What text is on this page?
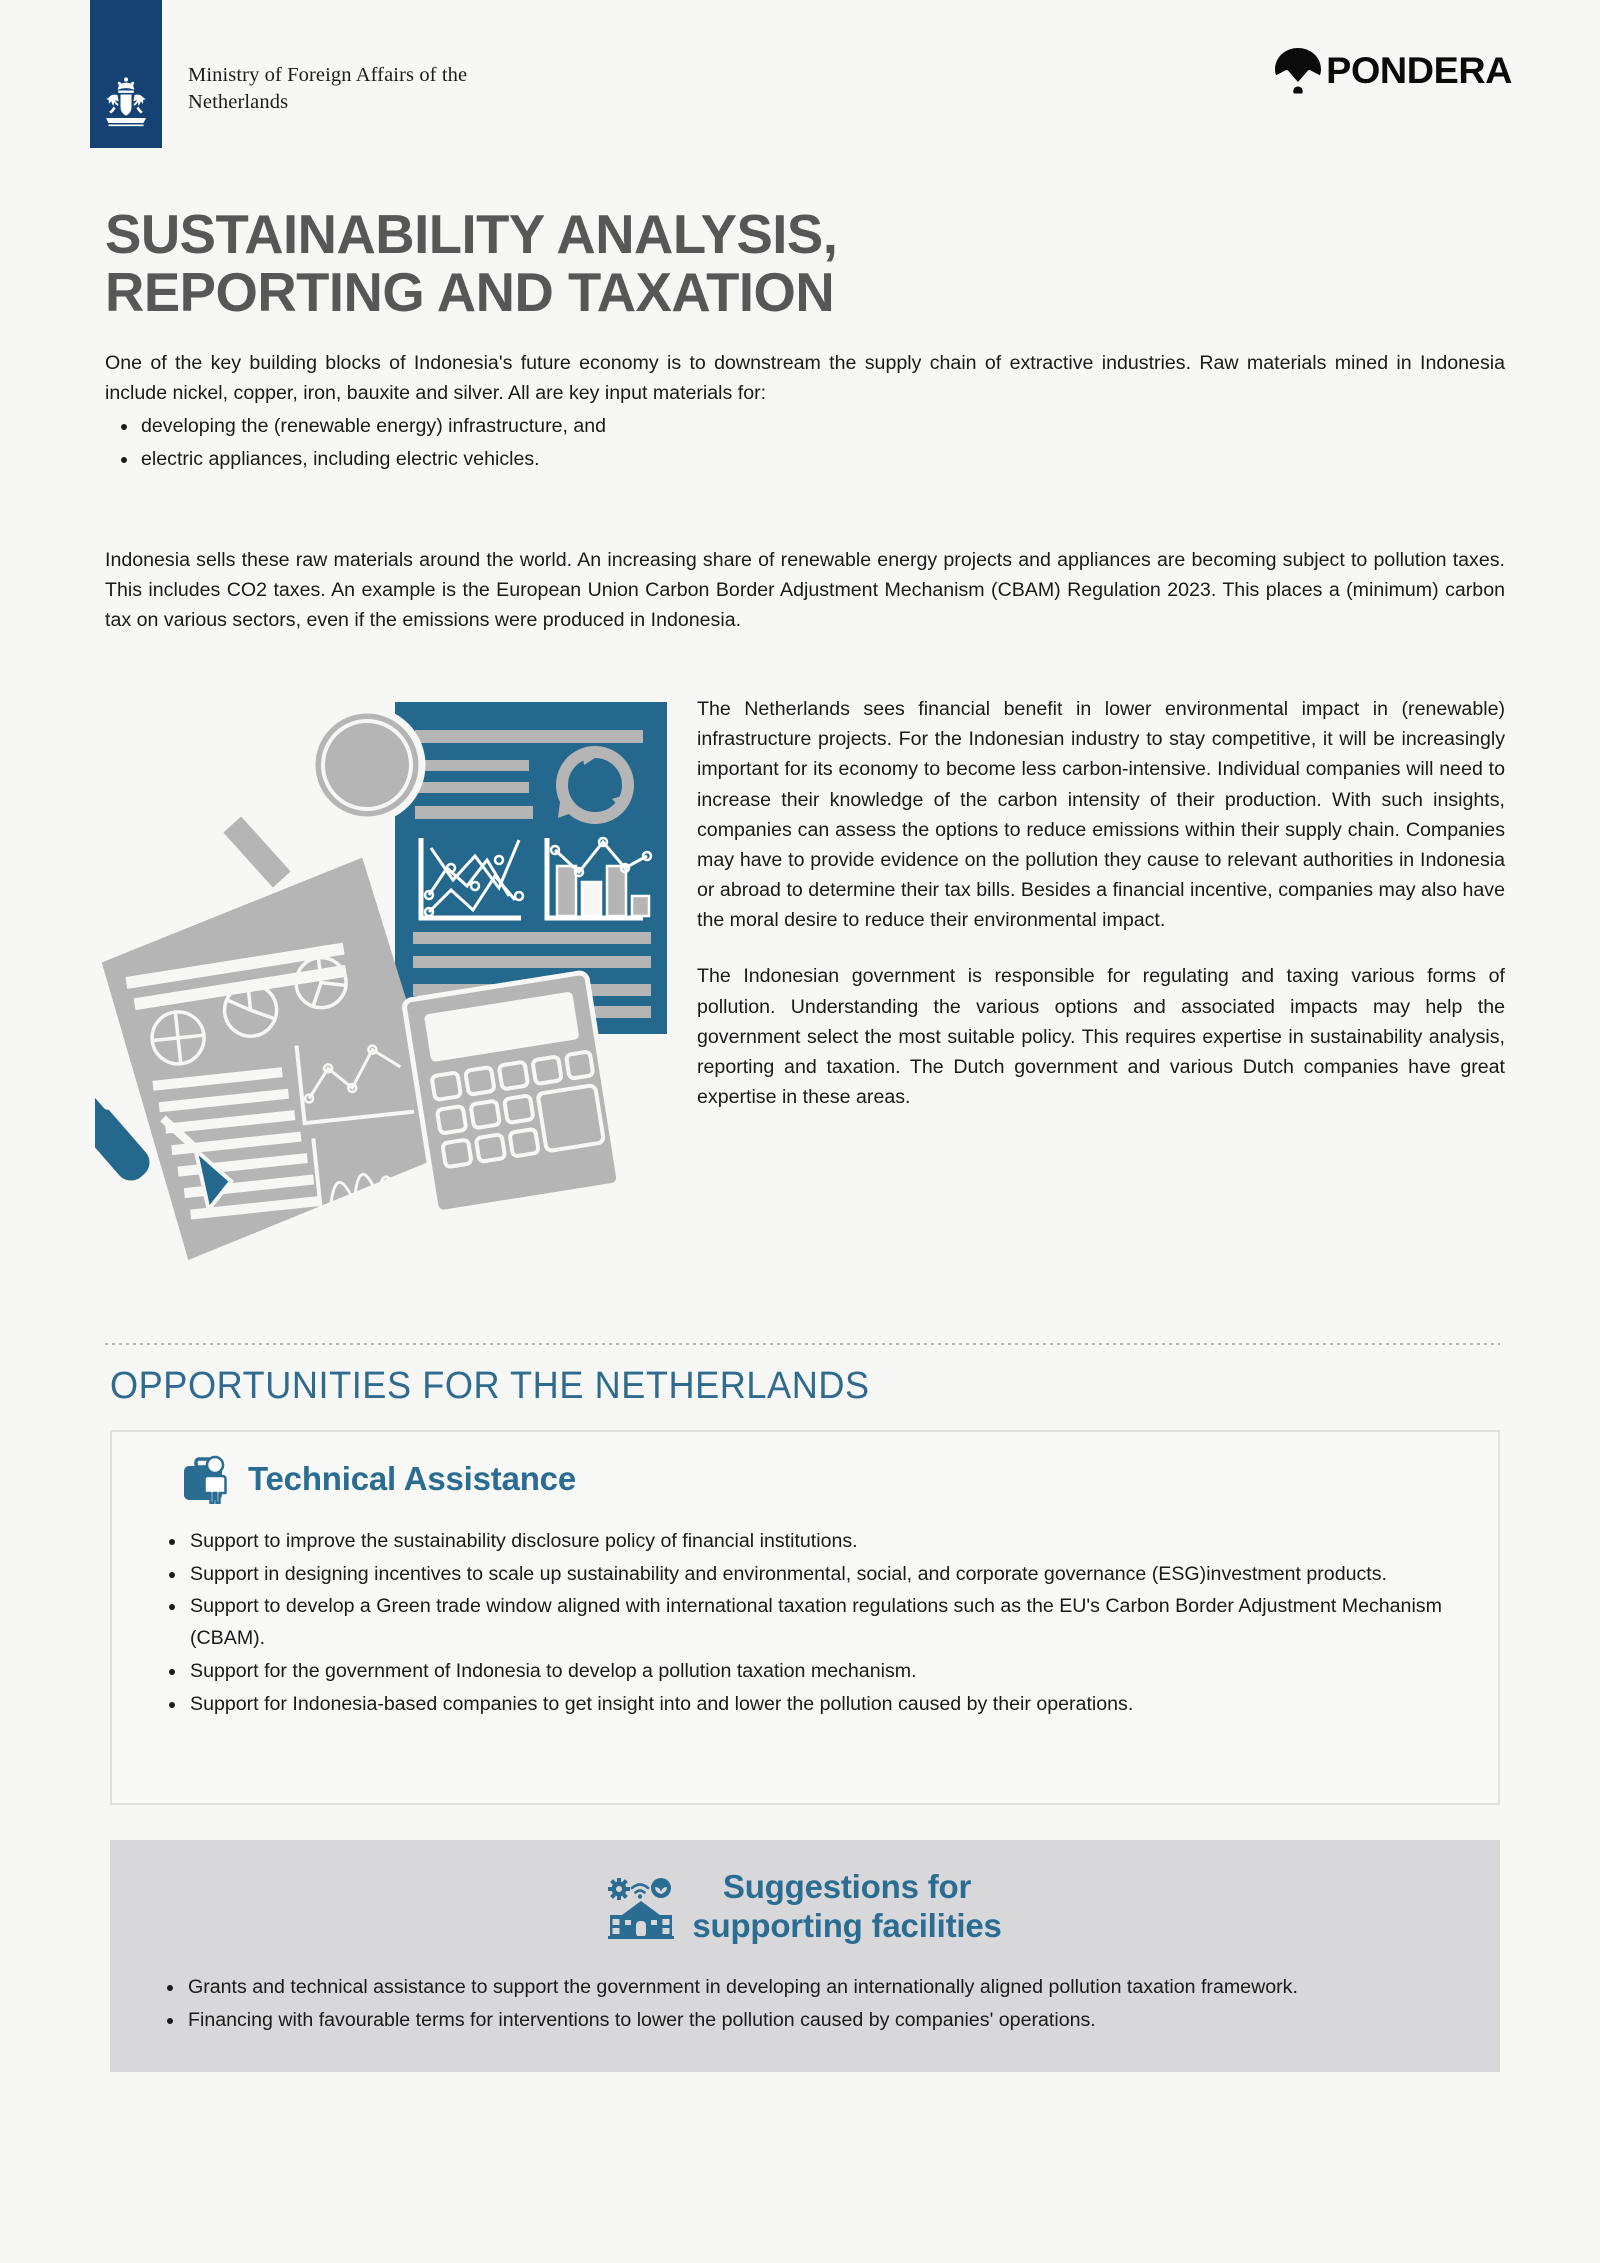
Ministry of Foreign Affairs of the
Netherlands
PONDERA
SUSTAINABILITY ANALYSIS,
REPORTING AND TAXATION

One of the key building blocks of Indonesia's future economy is to downstream the supply chain of extractive industries. Raw materials mined in Indonesia include nickel, copper, iron, bauxite and silver. All are key input materials for:

developing the (renewable energy) infrastructure, and
electric appliances, including electric vehicles.

Indonesia sells these raw materials around the world. An increasing share of renewable energy projects and appliances are becoming subject to pollution taxes. This includes CO2 taxes. An example is the European Union Carbon Border Adjustment Mechanism (CBAM) Regulation 2023. This places a (minimum) carbon tax on various sectors, even if the emissions were produced in Indonesia.

The Netherlands sees financial benefit in lower environmental impact in (renewable) infrastructure projects. For the Indonesian industry to stay competitive, it will be increasingly important for its economy to become less carbon-intensive. Individual companies will need to increase their knowledge of the carbon intensity of their production. With such insights, companies can assess the options to reduce emissions within their supply chain. Companies may have to provide evidence on the pollution they cause to relevant authorities in Indonesia or abroad to determine their tax bills. Besides a financial incentive, companies may also have the moral desire to reduce their environmental impact.

The Indonesian government is responsible for regulating and taxing various forms of pollution. Understanding the various options and associated impacts may help the government select the most suitable policy. This requires expertise in sustainability analysis, reporting and taxation. The Dutch government and various Dutch companies have great expertise in these areas.

OPPORTUNITIES FOR THE NETHERLANDS
Technical Assistance
Support to improve the sustainability disclosure policy of financial institutions.
Support in designing incentives to scale up sustainability and environmental, social, and corporate governance (ESG)investment products.
Support to develop a Green trade window aligned with international taxation regulations such as the EU's Carbon Border Adjustment Mechanism (CBAM).
Support for the government of Indonesia to develop a pollution taxation mechanism.
Support for Indonesia-based companies to get insight into and lower the pollution caused by their operations.
Suggestions for
supporting facilities
Grants and technical assistance to support the government in developing an internationally aligned pollution taxation framework.
Financing with favourable terms for interventions to lower the pollution caused by companies' operations.
